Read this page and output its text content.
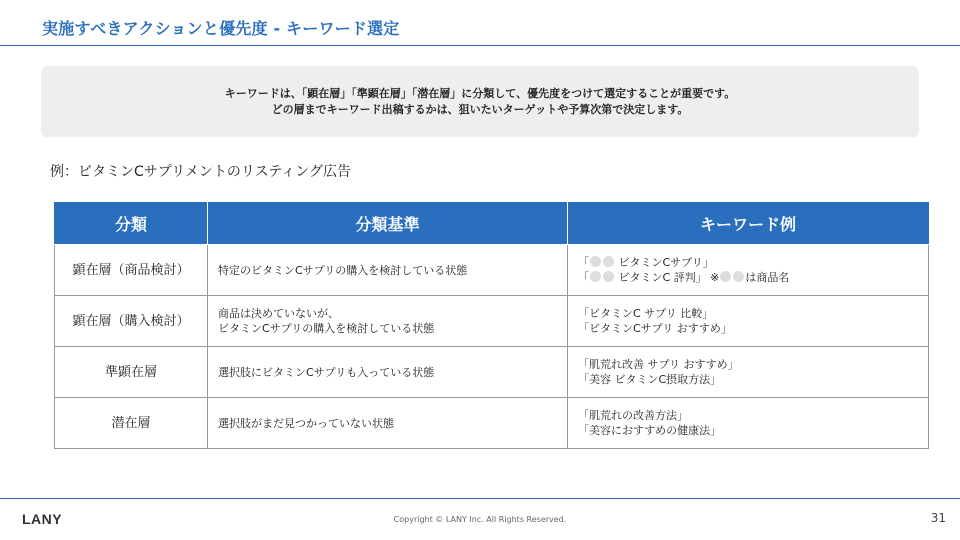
実施すべきアクションと優先度 - キーワード選定
キーワードは、「顕在層」「準顕在層」「潜在層」に分類して、優先度をつけて選定することが重要です。
どの層までキーワード出稿するかは、狙いたいターゲットや予算次第で決定します。
例：ビタミンCサプリメントのリスティング広告
分類	分類基準	キーワード例
顕在層（商品検討）	特定のビタミンCサプリの購入を検討している状態	「 ビタミンCサプリ」
「 ビタミンC 評判」 ※ は商品名

顕在層（購入検討）	商品は決めていないが、
ビタミンCサプリの購入を検討している状態	「ビタミンC サプリ 比較」
「ビタミンCサプリ おすすめ」

準顕在層	選択肢にビタミンCサプリも入っている状態	「肌荒れ改善 サプリ おすすめ」
「美容 ビタミンC摂取方法」

潜在層	選択肢がまだ見つかっていない状態	「肌荒れの改善方法」
「美容におすすめの健康法」
LANY	Copyright © LANY Inc. All Rights Reserved.	31
